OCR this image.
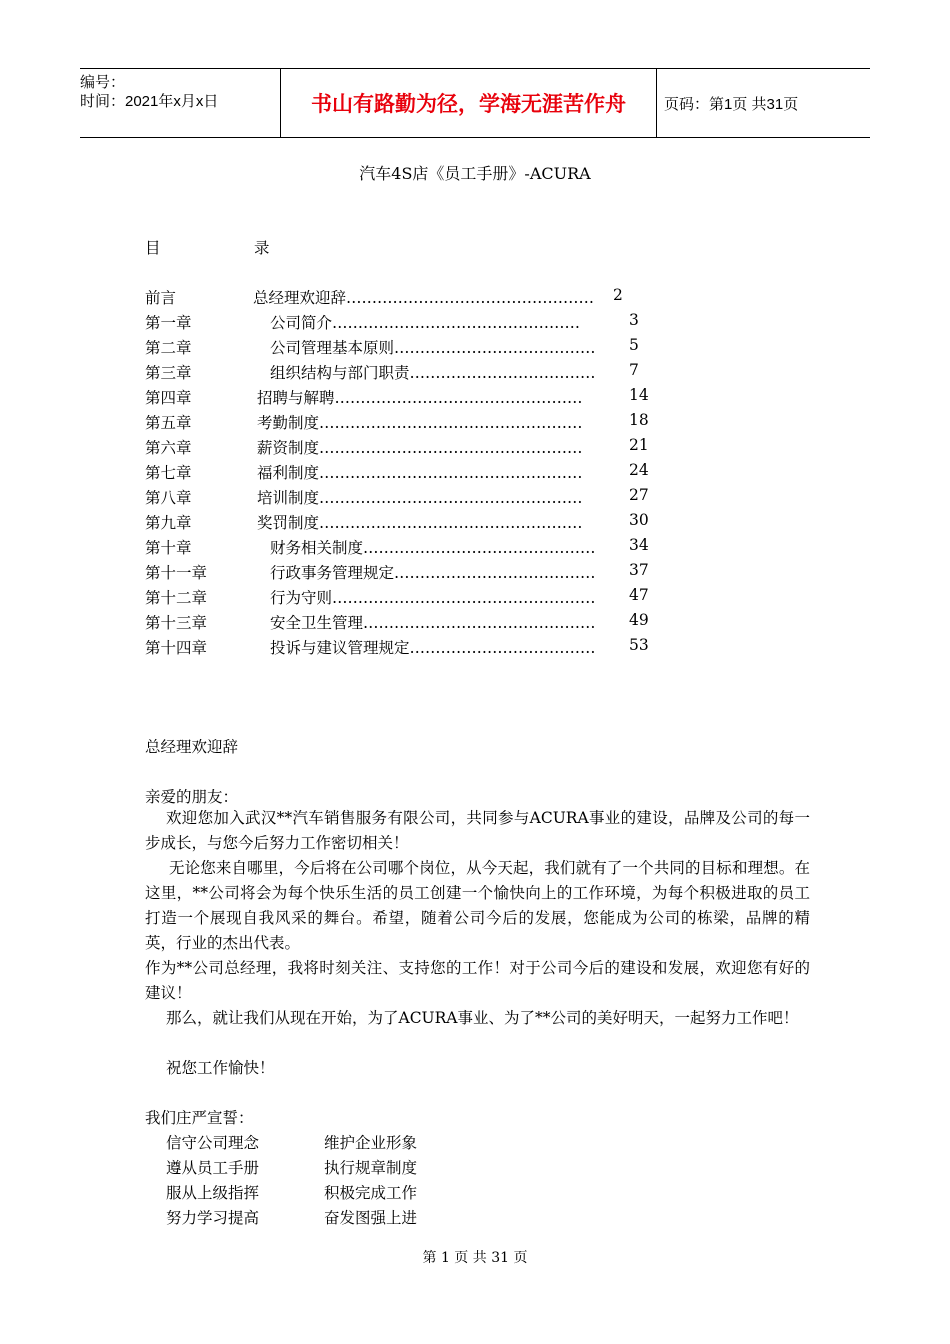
编号：
时间：2021年x月x日	书山有路勤为径，学海无涯苦作舟	页码：第1页 共31页
汽车4S店《员工手册》-ACURA
目	录
前言	总经理欢迎辞………………………………………… 2
第一章	公司简介…………………………………………	3
第二章	公司管理基本原则………………………………… 5
第三章	组织结构与部门职责……………………………… 7
第四章	招聘与解聘…………………………………………	14
第五章	考勤制度……………………………………………	18
第六章	薪资制度……………………………………………	21
第七章	福利制度……………………………………………	24
第八章	培训制度……………………………………………	27
第九章	奖罚制度……………………………………………	30
第十章	财务相关制度……………………………………… 34
第十一章	行政事务管理规定………………………………… 37
第十二章	行为守则…………………………………………… 47
第十三章	安全卫生管理……………………………………… 49
第十四章	投诉与建议管理规定……………………………… 53
总经理欢迎辞
亲爱的朋友：
欢迎您加入武汉**汽车销售服务有限公司，共同参与ACURA事业的建设，品牌及公司的每一步成长，与您今后努力工作密切相关！
无论您来自哪里，今后将在公司哪个岗位，从今天起，我们就有了一个共同的目标和理想。在这里，**公司将会为每个快乐生活的员工创建一个愉快向上的工作环境，为每个积极进取的员工打造一个展现自我风采的舞台。希望，随着公司今后的发展，您能成为公司的栋梁，品牌的精英，行业的杰出代表。
作为**公司总经理，我将时刻关注、支持您的工作！对于公司今后的建设和发展，欢迎您有好的建议！
那么，就让我们从现在开始，为了ACURA事业、为了**公司的美好明天，一起努力工作吧！
祝您工作愉快！
我们庄严宣誓：
信守公司理念	维护企业形象
遵从员工手册	执行规章制度
服从上级指挥	积极完成工作
努力学习提高	奋发图强上进
第 1 页 共 31 页
